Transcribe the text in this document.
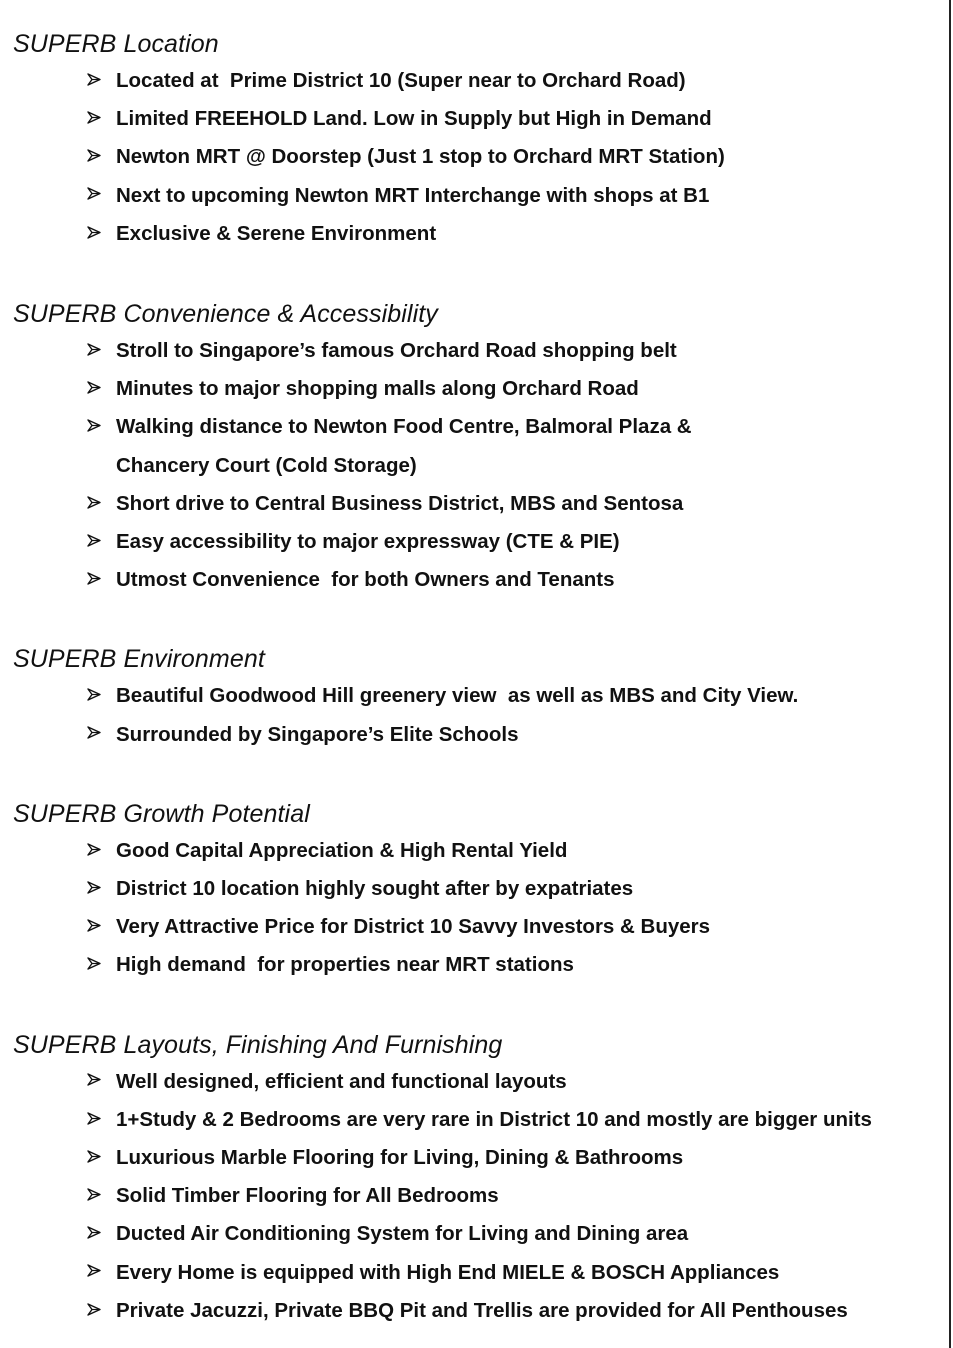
SUPERB Location
Located at  Prime District 10 (Super near to Orchard Road)
Limited FREEHOLD Land. Low in Supply but High in Demand
Newton MRT @ Doorstep (Just 1 stop to Orchard MRT Station)
Next to upcoming Newton MRT Interchange with shops at B1
Exclusive & Serene Environment
SUPERB Convenience & Accessibility
Stroll to Singapore’s famous Orchard Road shopping belt
Minutes to major shopping malls along Orchard Road
Walking distance to Newton Food Centre, Balmoral Plaza &
Chancery Court (Cold Storage)
Short drive to Central Business District, MBS and Sentosa
Easy accessibility to major expressway (CTE & PIE)
Utmost Convenience  for both Owners and Tenants
SUPERB Environment
Beautiful Goodwood Hill greenery view  as well as MBS and City View.
Surrounded by Singapore’s Elite Schools
SUPERB Growth Potential
Good Capital Appreciation & High Rental Yield
District 10 location highly sought after by expatriates
Very Attractive Price for District 10 Savvy Investors & Buyers
High demand  for properties near MRT stations
SUPERB Layouts, Finishing And Furnishing
Well designed, efficient and functional layouts
1+Study & 2 Bedrooms are very rare in District 10 and mostly are bigger units
Luxurious Marble Flooring for Living, Dining & Bathrooms
Solid Timber Flooring for All Bedrooms
Ducted Air Conditioning System for Living and Dining area
Every Home is equipped with High End MIELE & BOSCH Appliances
Private Jacuzzi, Private BBQ Pit and Trellis are provided for All Penthouses
